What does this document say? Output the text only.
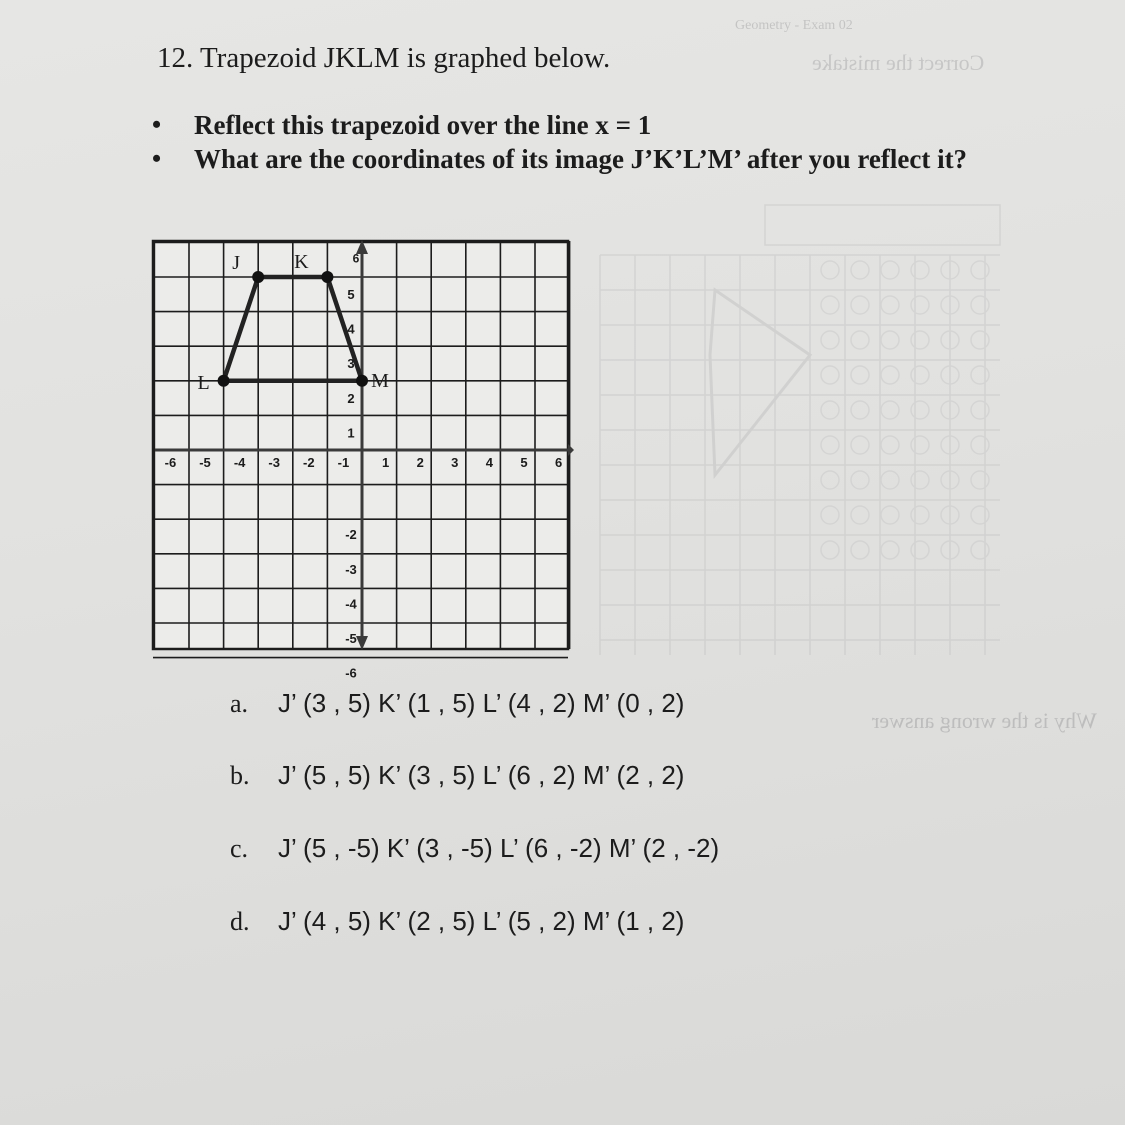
Geometry - Exam 02
Correct the mistake
Why is the wrong answer
12. Trapezoid JKLM is graphed below.
• Reflect this trapezoid over the line x = 1
• What are the coordinates of its image J’K’L’M’ after you reflect it?
-6 -5 -4 -3 -2 -1	1 2 3 4 5 6
5
4
3
2
1
-2
-3
-4
-5
-6
6
J	K
M
L
a. J’ (3 , 5) K’ (1 , 5) L’ (4 , 2) M’ (0 , 2)
b. J’ (5 , 5) K’ (3 , 5) L’ (6 , 2) M’ (2 , 2)
c. J’ (5 , -5) K’ (3 , -5) L’ (6 , -2) M’ (2 , -2)
d. J’ (4 , 5) K’ (2 , 5) L’ (5 , 2) M’ (1 , 2)
